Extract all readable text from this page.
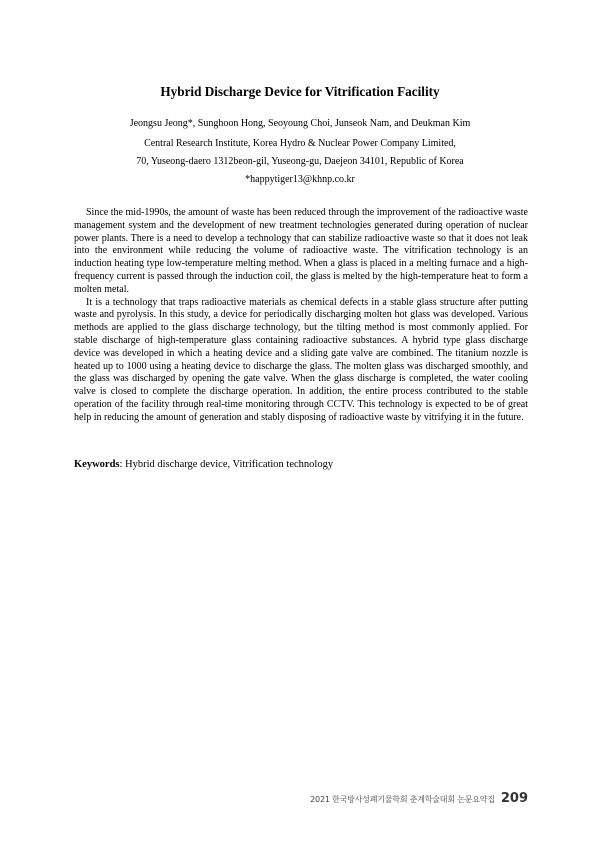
Hybrid Discharge Device for Vitrification Facility
Jeongsu Jeong*, Sunghoon Hong, Seoyoung Choi, Junseok Nam, and Deukman Kim
Central Research Institute, Korea Hydro & Nuclear Power Company Limited,
70, Yuseong-daero 1312beon-gil, Yuseong-gu, Daejeon 34101, Republic of Korea
*happytiger13@khnp.co.kr

Since the mid-1990s, the amount of waste has been reduced through the improvement of the radioactive waste management system and the development of new treatment technologies generated during operation of nuclear power plants. There is a need to develop a technology that can stabilize radioactive waste so that it does not leak into the environment while reducing the volume of radioactive waste. The vitrification technology is an induction heating type low-temperature melting method. When a glass is placed in a melting furnace and a high-frequency current is passed through the induction coil, the glass is melted by the high-temperature heat to form a molten metal.

It is a technology that traps radioactive materials as chemical defects in a stable glass structure after putting waste and pyrolysis. In this study, a device for periodically discharging molten hot glass was developed. Various methods are applied to the glass discharge technology, but the tilting method is most commonly applied. For stable discharge of high-temperature glass containing radioactive substances. A hybrid type glass discharge device was developed in which a heating device and a sliding gate valve are combined. The titanium nozzle is heated up to 1000 using a heating device to discharge the glass. The molten glass was discharged smoothly, and the glass was discharged by opening the gate valve. When the glass discharge is completed, the water cooling valve is closed to complete the discharge operation. In addition, the entire process contributed to the stable operation of the facility through real-time monitoring through CCTV. This technology is expected to be of great help in reducing the amount of generation and stably disposing of radioactive waste by vitrifying it in the future.

Keywords: Hybrid discharge device, Vitrification technology
2021 한국방사성폐기물학회 춘계학술대회 논문요약집 209
